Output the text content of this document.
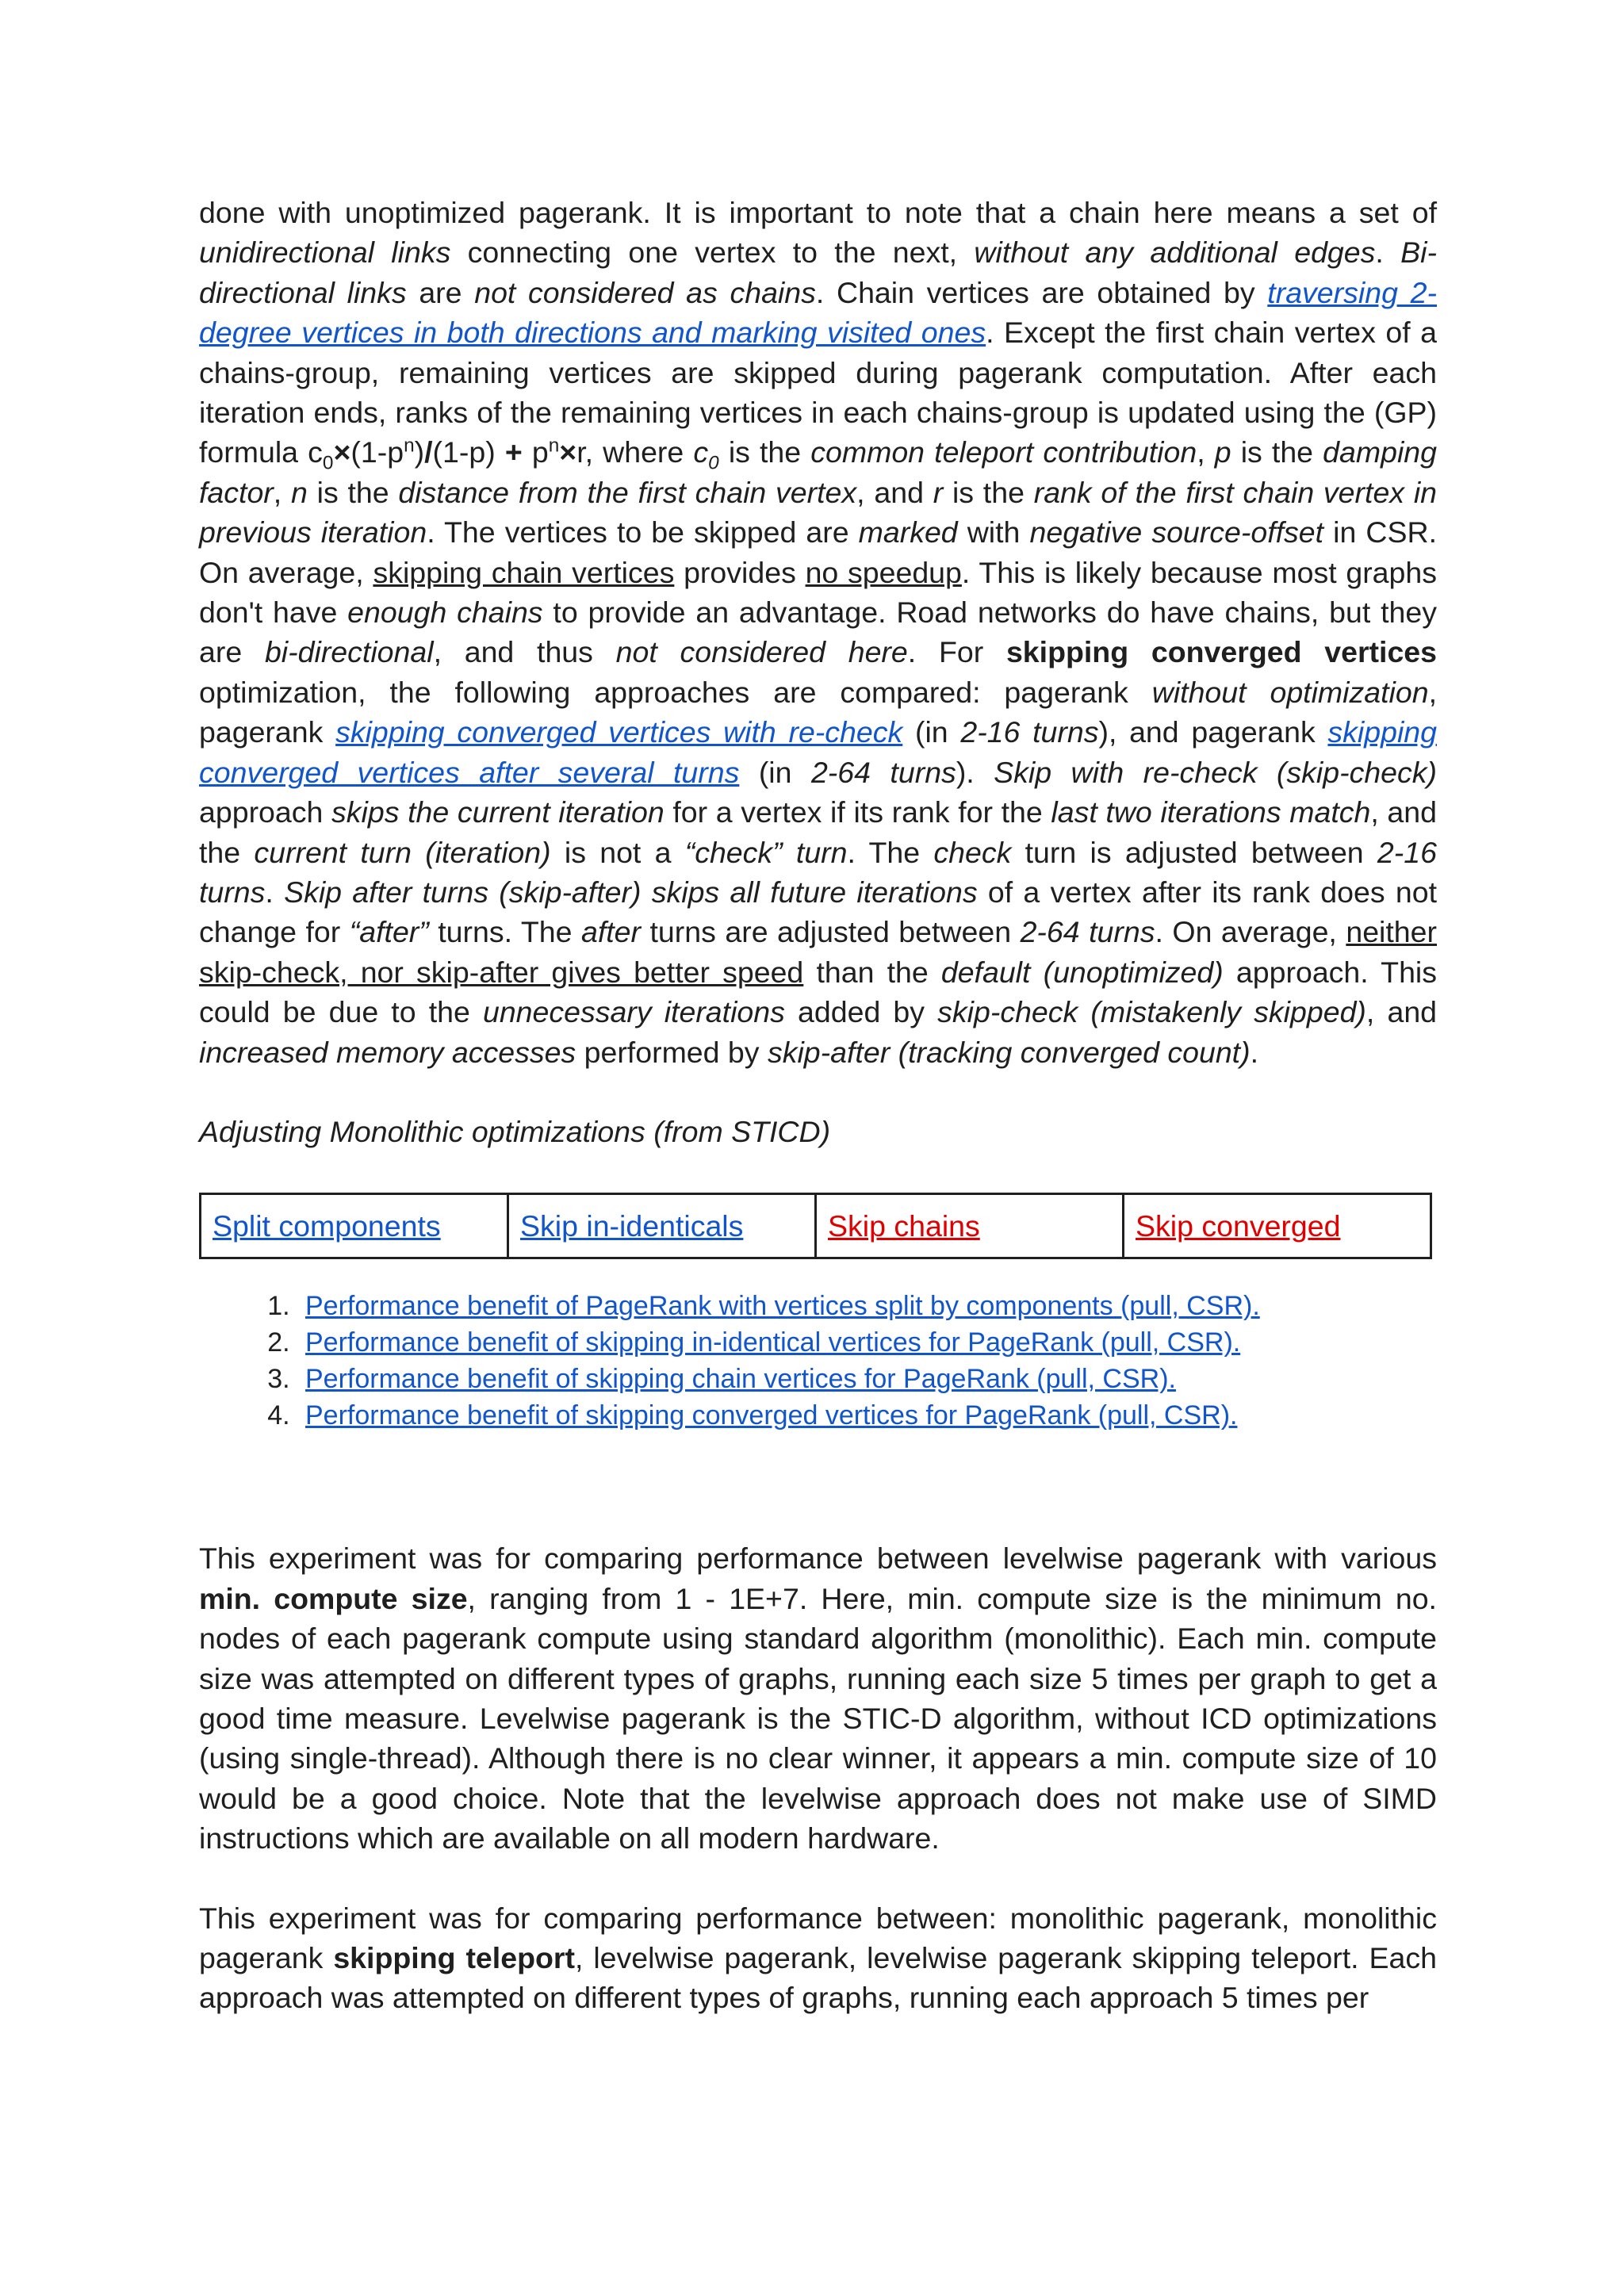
done with unoptimized pagerank. It is important to note that a chain here means a set of unidirectional links connecting one vertex to the next, without any additional edges. Bi-directional links are not considered as chains. Chain vertices are obtained by traversing 2-degree vertices in both directions and marking visited ones. Except the first chain vertex of a chains-group, remaining vertices are skipped during pagerank computation. After each iteration ends, ranks of the remaining vertices in each chains-group is updated using the (GP) formula $c_0\times(1-p^n)/(1-p) + p^n\times r$, where $c_0$ is the common teleport contribution, p is the damping factor, n is the distance from the first chain vertex, and r is the rank of the first chain vertex in previous iteration. The vertices to be skipped are marked with negative source-offset in CSR. On average, skipping chain vertices provides no speedup. This is likely because most graphs don't have enough chains to provide an advantage. Road networks do have chains, but they are bi-directional, and thus not considered here. For skipping converged vertices optimization, the following approaches are compared: pagerank without optimization, pagerank skipping converged vertices with re-check (in 2-16 turns), and pagerank skipping converged vertices after several turns (in 2-64 turns). Skip with re-check (skip-check) approach skips the current iteration for a vertex if its rank for the last two iterations match, and the current turn (iteration) is not a “check” turn. The check turn is adjusted between 2-16 turns. Skip after turns (skip-after) skips all future iterations of a vertex after its rank does not change for “after” turns. The after turns are adjusted between 2-64 turns. On average, neither skip-check, nor skip-after gives better speed than the default (unoptimized) approach. This could be due to the unnecessary iterations added by skip-check (mistakenly skipped), and increased memory accesses performed by skip-after (tracking converged count).

Adjusting Monolithic optimizations (from STICD)

Split components	Skip in-identicals	Skip chains	Skip converged
1. Performance benefit of PageRank with vertices split by components (pull, CSR).
2. Performance benefit of skipping in-identical vertices for PageRank (pull, CSR).
3. Performance benefit of skipping chain vertices for PageRank (pull, CSR).
4. Performance benefit of skipping converged vertices for PageRank (pull, CSR).

This experiment was for comparing performance between levelwise pagerank with various min. compute size, ranging from 1 - 1E+7. Here, min. compute size is the minimum no. nodes of each pagerank compute using standard algorithm (monolithic). Each min. compute size was attempted on different types of graphs, running each size 5 times per graph to get a good time measure. Levelwise pagerank is the STIC-D algorithm, without ICD optimizations (using single-thread). Although there is no clear winner, it appears a min. compute size of 10 would be a good choice. Note that the levelwise approach does not make use of SIMD instructions which are available on all modern hardware.

This experiment was for comparing performance between: monolithic pagerank, monolithic pagerank skipping teleport, levelwise pagerank, levelwise pagerank skipping teleport. Each approach was attempted on different types of graphs, running each approach 5 times per
